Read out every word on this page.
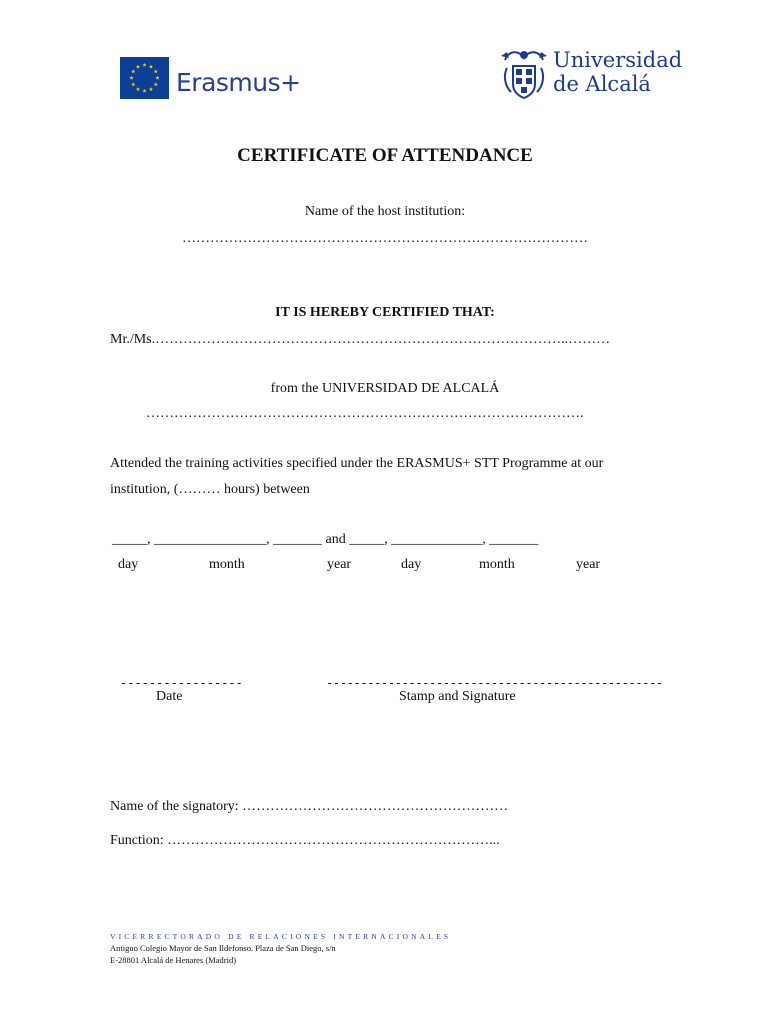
Erasmus+
Universidad
de Alcalá
CERTIFICATE OF ATTENDANCE
Name of the host institution:
……………………………………………………………………………
IT IS HEREBY CERTIFIED THAT:
Mr./Ms.……………………………………………………………………………..………
from the UNIVERSIDAD DE ALCALÁ
………………………………………………………………………………….
Attended the training activities specified under the ERASMUS+ STT Programme at our
institution, (……… hours) between
_____, ________________, _______ and _____, _____________, _______
day	month	year	day	month	year
-----------------	-------------------------------------------------
Date	Stamp and Signature
Name of the signatory: …………………………………………………
Function: ……………………………………………………………...
VICERRECTORADO DE RELACIONES INTERNACIONALES
Antiguo Colegio Mayor de San Ildefonso. Plaza de San Diego, s/n
E-28801 Alcalá de Henares (Madrid)
